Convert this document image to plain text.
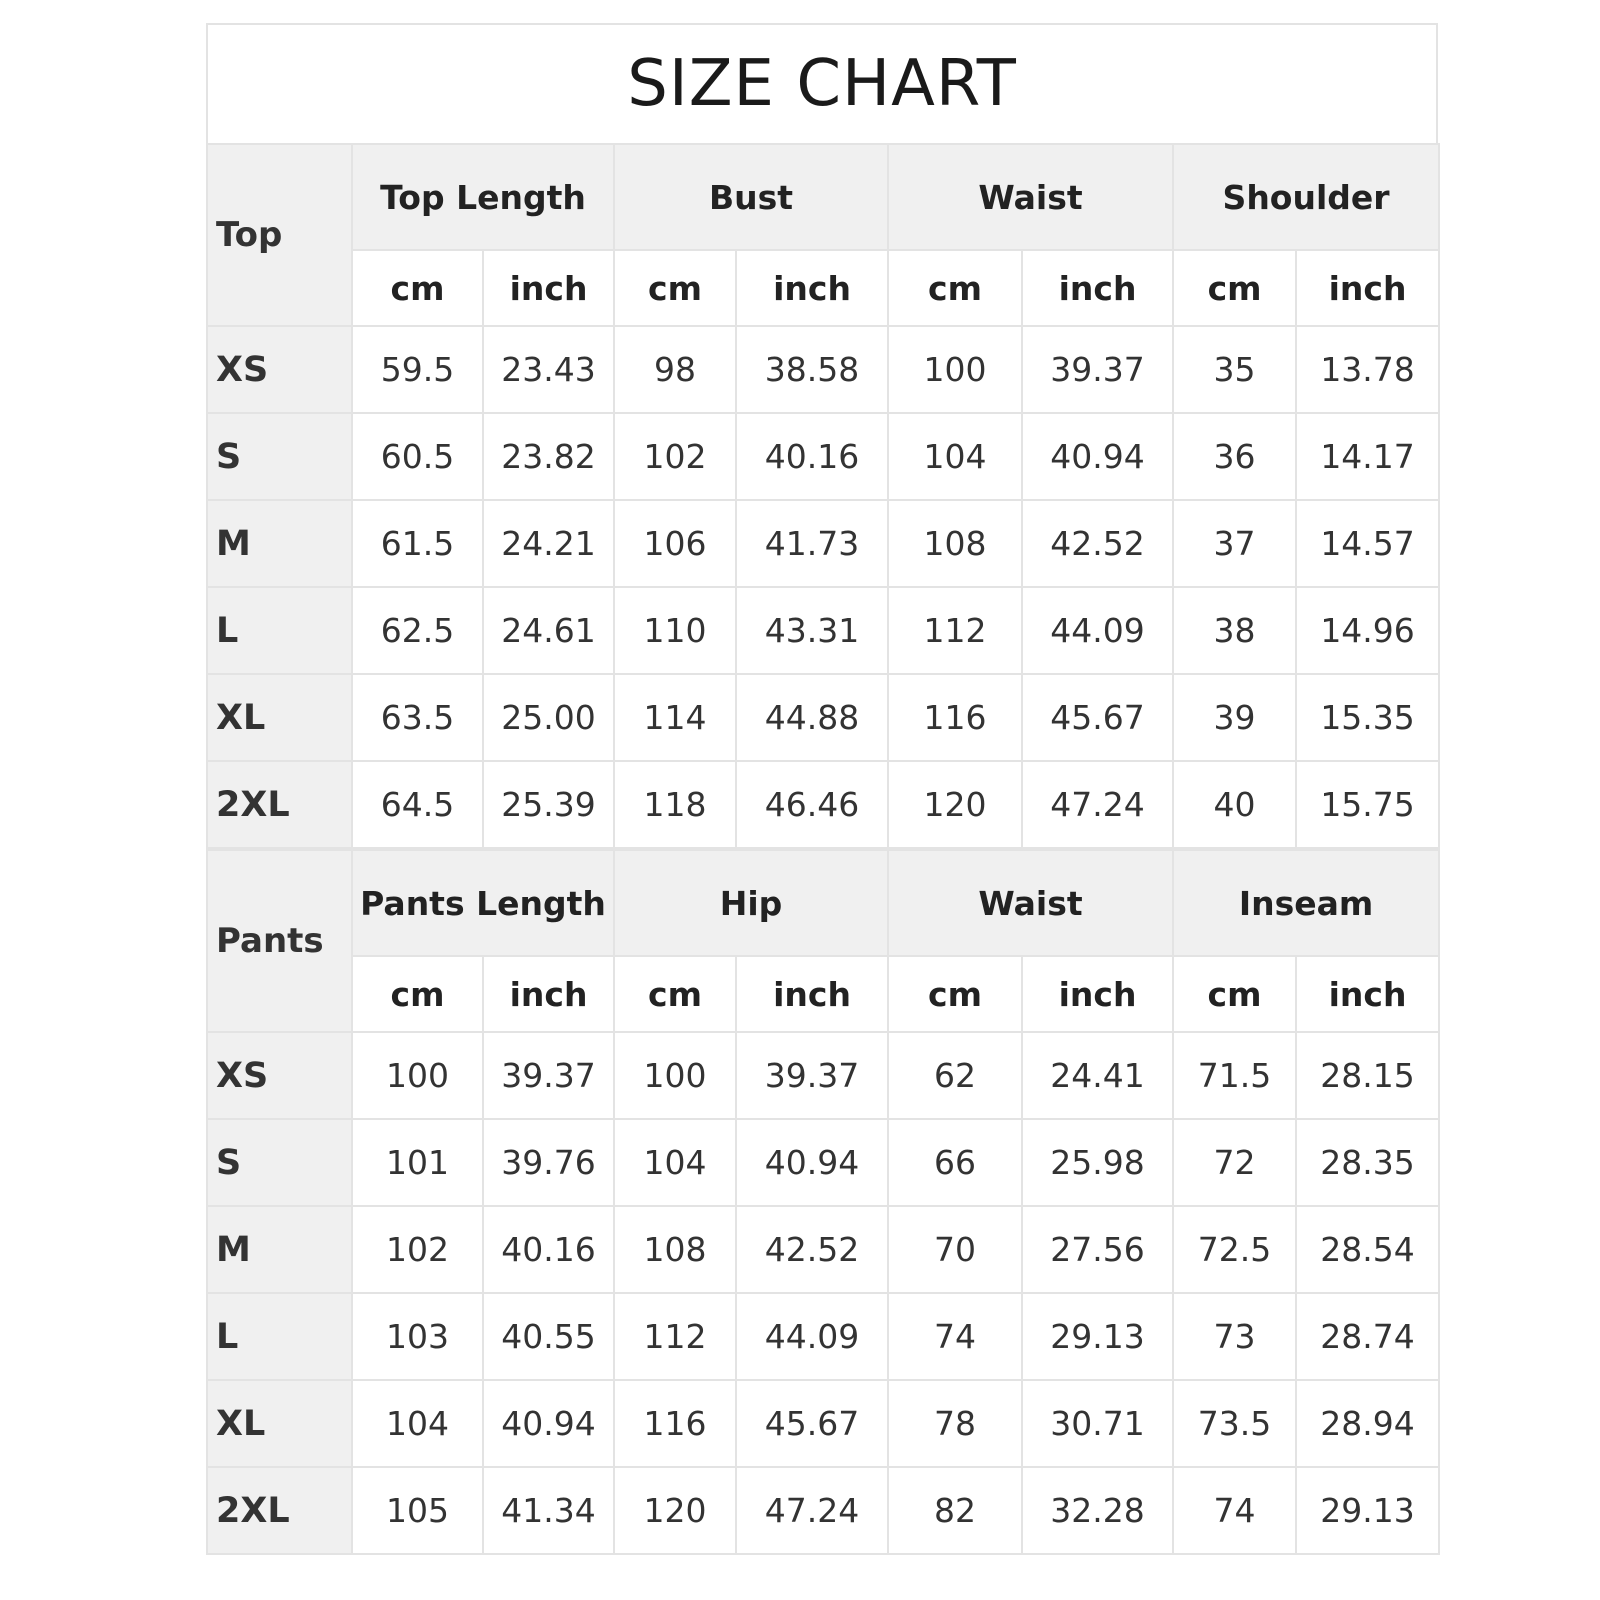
SIZE CHART
Top	Top Length		Bust		Waist		Shoulder	
	cm	inch	cm	inch	cm	inch	cm	inch
XS	59.5	23.43	98	38.58	100	39.37	35	13.78
S	60.5	23.82	102	40.16	104	40.94	36	14.17
M	61.5	24.21	106	41.73	108	42.52	37	14.57
L	62.5	24.61	110	43.31	112	44.09	38	14.96
XL	63.5	25.00	114	44.88	116	45.67	39	15.35
2XL	64.5	25.39	118	46.46	120	47.24	40	15.75
Pants	Pants Length		Hip		Waist		Inseam	
	cm	inch	cm	inch	cm	inch	cm	inch
XS	100	39.37	100	39.37	62	24.41	71.5	28.15
S	101	39.76	104	40.94	66	25.98	72	28.35
M	102	40.16	108	42.52	70	27.56	72.5	28.54
L	103	40.55	112	44.09	74	29.13	73	28.74
XL	104	40.94	116	45.67	78	30.71	73.5	28.94
2XL	105	41.34	120	47.24	82	32.28	74	29.13
